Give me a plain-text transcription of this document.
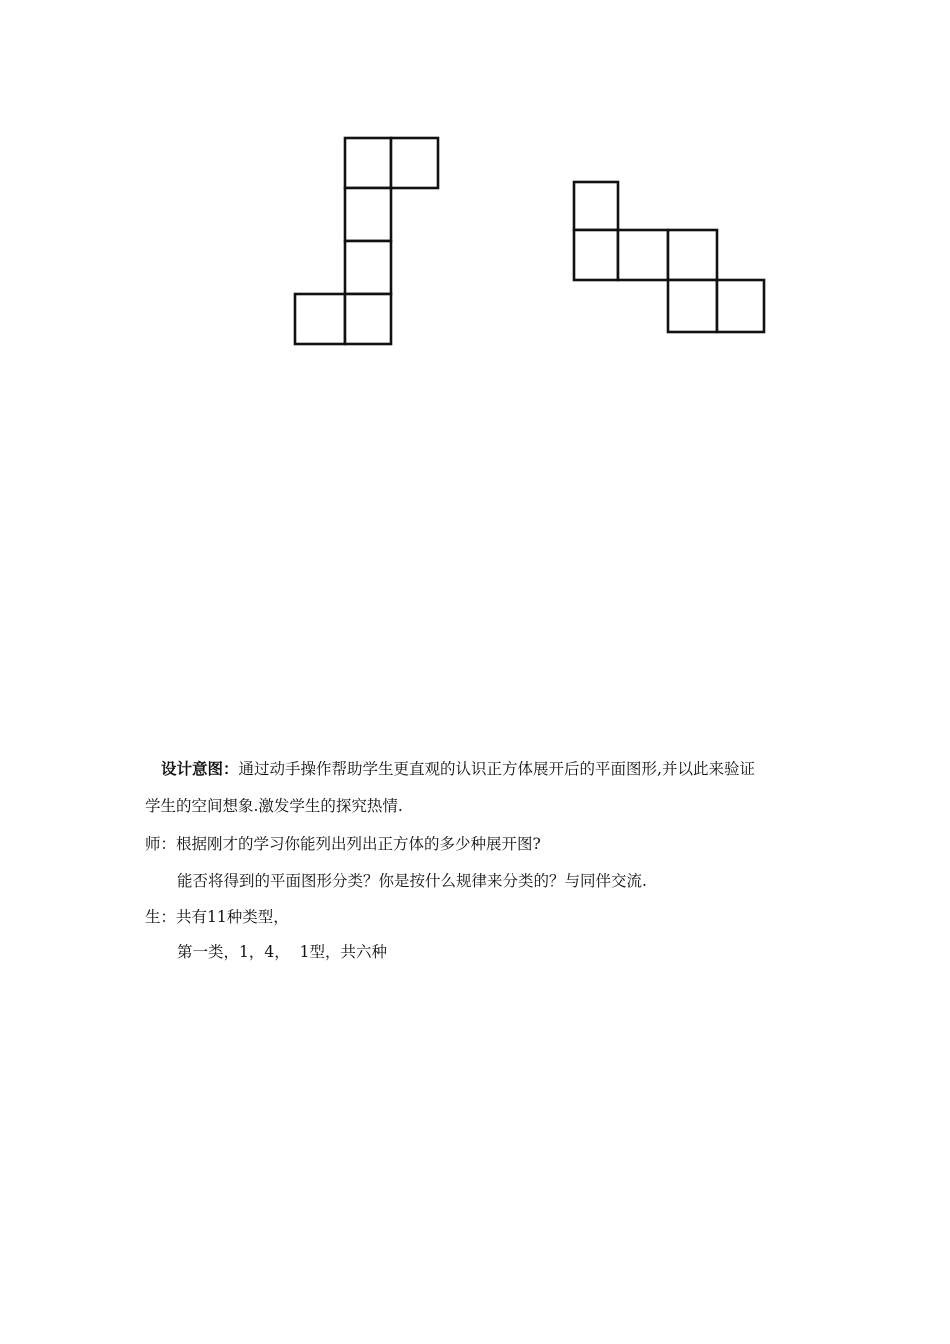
设计意图：通过动手操作帮助学生更直观的认识正方体展开后的平面图形,并以此来验证
学生的空间想象.激发学生的探究热情.
师：根据刚才的学习你能列出列出正方体的多少种展开图?
能否将得到的平面图形分类？你是按什么规律来分类的？与同伴交流.
生：共有11种类型，
第一类，1，4，  1型，共六种
